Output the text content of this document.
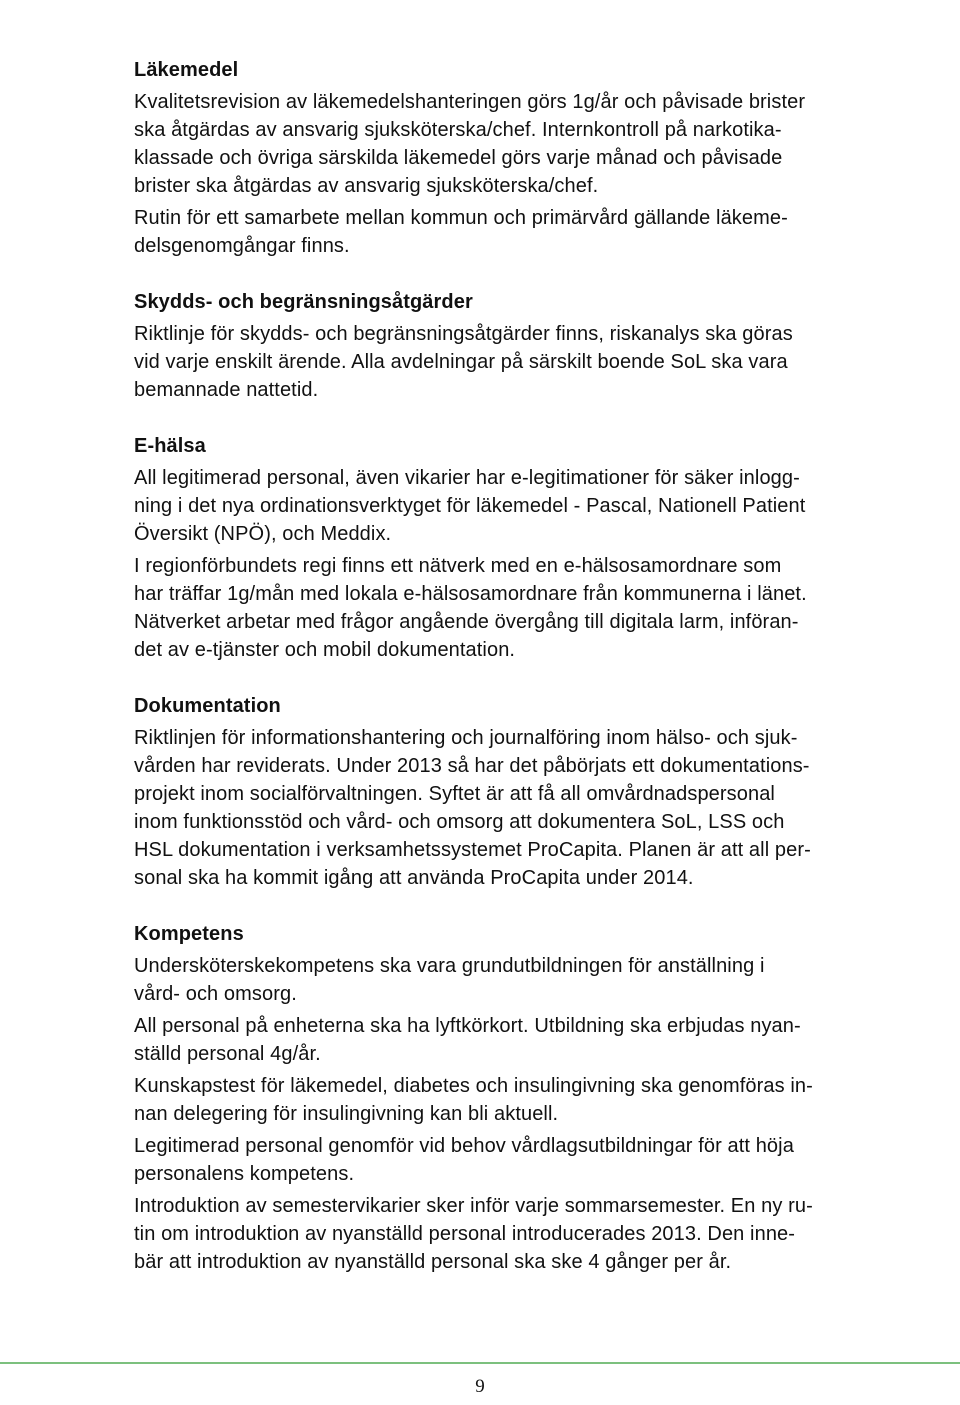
Läkemedel

Kvalitetsrevision av läkemedelshanteringen görs 1g/år och påvisade brister
ska åtgärdas av ansvarig sjuksköterska/chef. Internkontroll på narkotika-
klassade och övriga särskilda läkemedel görs varje månad och påvisade
brister ska åtgärdas av ansvarig sjuksköterska/chef.

Rutin för ett samarbete mellan kommun och primärvård gällande läkeme-
delsgenomgångar finns.

Skydds- och begränsningsåtgärder

Riktlinje för skydds- och begränsningsåtgärder finns, riskanalys ska göras
vid varje enskilt ärende. Alla avdelningar på särskilt boende SoL ska vara
bemannade nattetid.

E-hälsa

All legitimerad personal, även vikarier har e-legitimationer för säker inlogg-
ning i det nya ordinationsverktyget för läkemedel - Pascal, Nationell Patient
Översikt (NPÖ), och Meddix.

I regionförbundets regi finns ett nätverk med en e-hälsosamordnare som
har träffar 1g/mån med lokala e-hälsosamordnare från kommunerna i länet.
Nätverket arbetar med frågor angående övergång till digitala larm, införan-
det av e-tjänster och mobil dokumentation.

Dokumentation

Riktlinjen för informationshantering och journalföring inom hälso- och sjuk-
vården har reviderats. Under 2013 så har det påbörjats ett dokumentations-
projekt inom socialförvaltningen. Syftet är att få all omvårdnadspersonal
inom funktionsstöd och vård- och omsorg att dokumentera SoL, LSS och
HSL dokumentation i verksamhetssystemet ProCapita. Planen är att all per-
sonal ska ha kommit igång att använda ProCapita under 2014.

Kompetens

Undersköterskekompetens ska vara grundutbildningen för anställning i
vård- och omsorg.

All personal på enheterna ska ha lyftkörkort. Utbildning ska erbjudas nyan-
ställd personal 4g/år.

Kunskapstest för läkemedel, diabetes och insulingivning ska genomföras in-
nan delegering för insulingivning kan bli aktuell.

Legitimerad personal genomför vid behov vårdlagsutbildningar för att höja
personalens kompetens.

Introduktion av semestervikarier sker inför varje sommarsemester. En ny ru-
tin om introduktion av nyanställd personal introducerades 2013. Den inne-
bär att introduktion av nyanställd personal ska ske 4 gånger per år.

9
